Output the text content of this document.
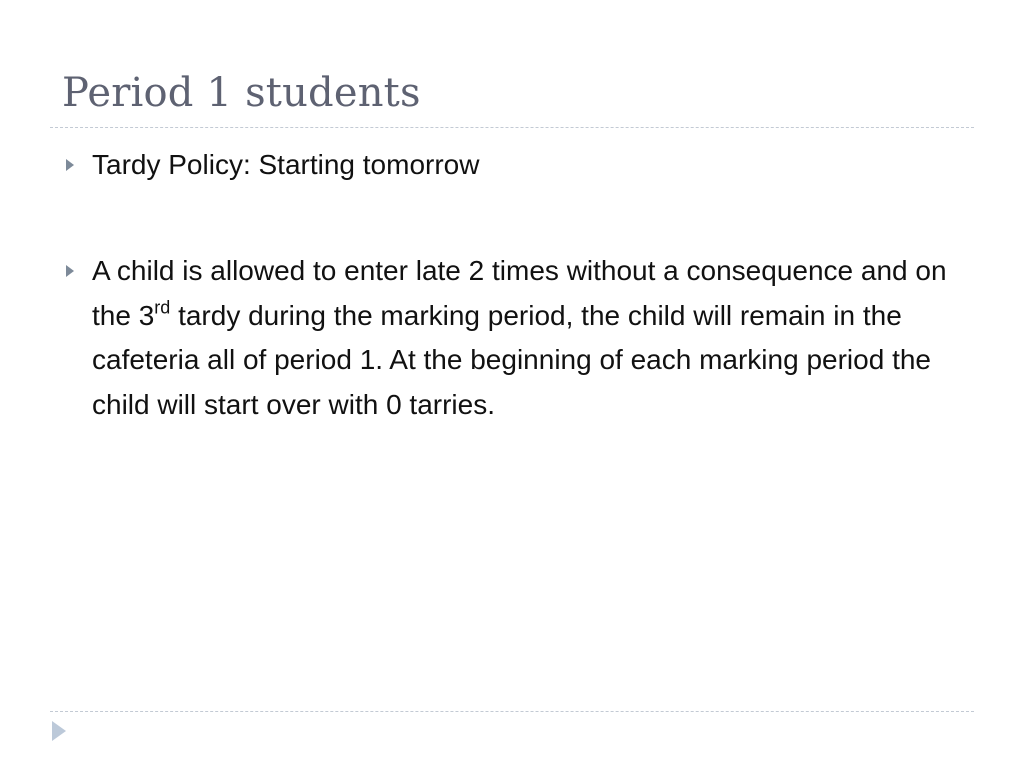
Period 1 students
Tardy Policy: Starting tomorrow
A child is allowed to enter late 2 times without a consequence and on the 3rd tardy during the marking period, the child will remain in the cafeteria all of period 1. At the beginning of each marking period the child will start over with 0 tarries.
